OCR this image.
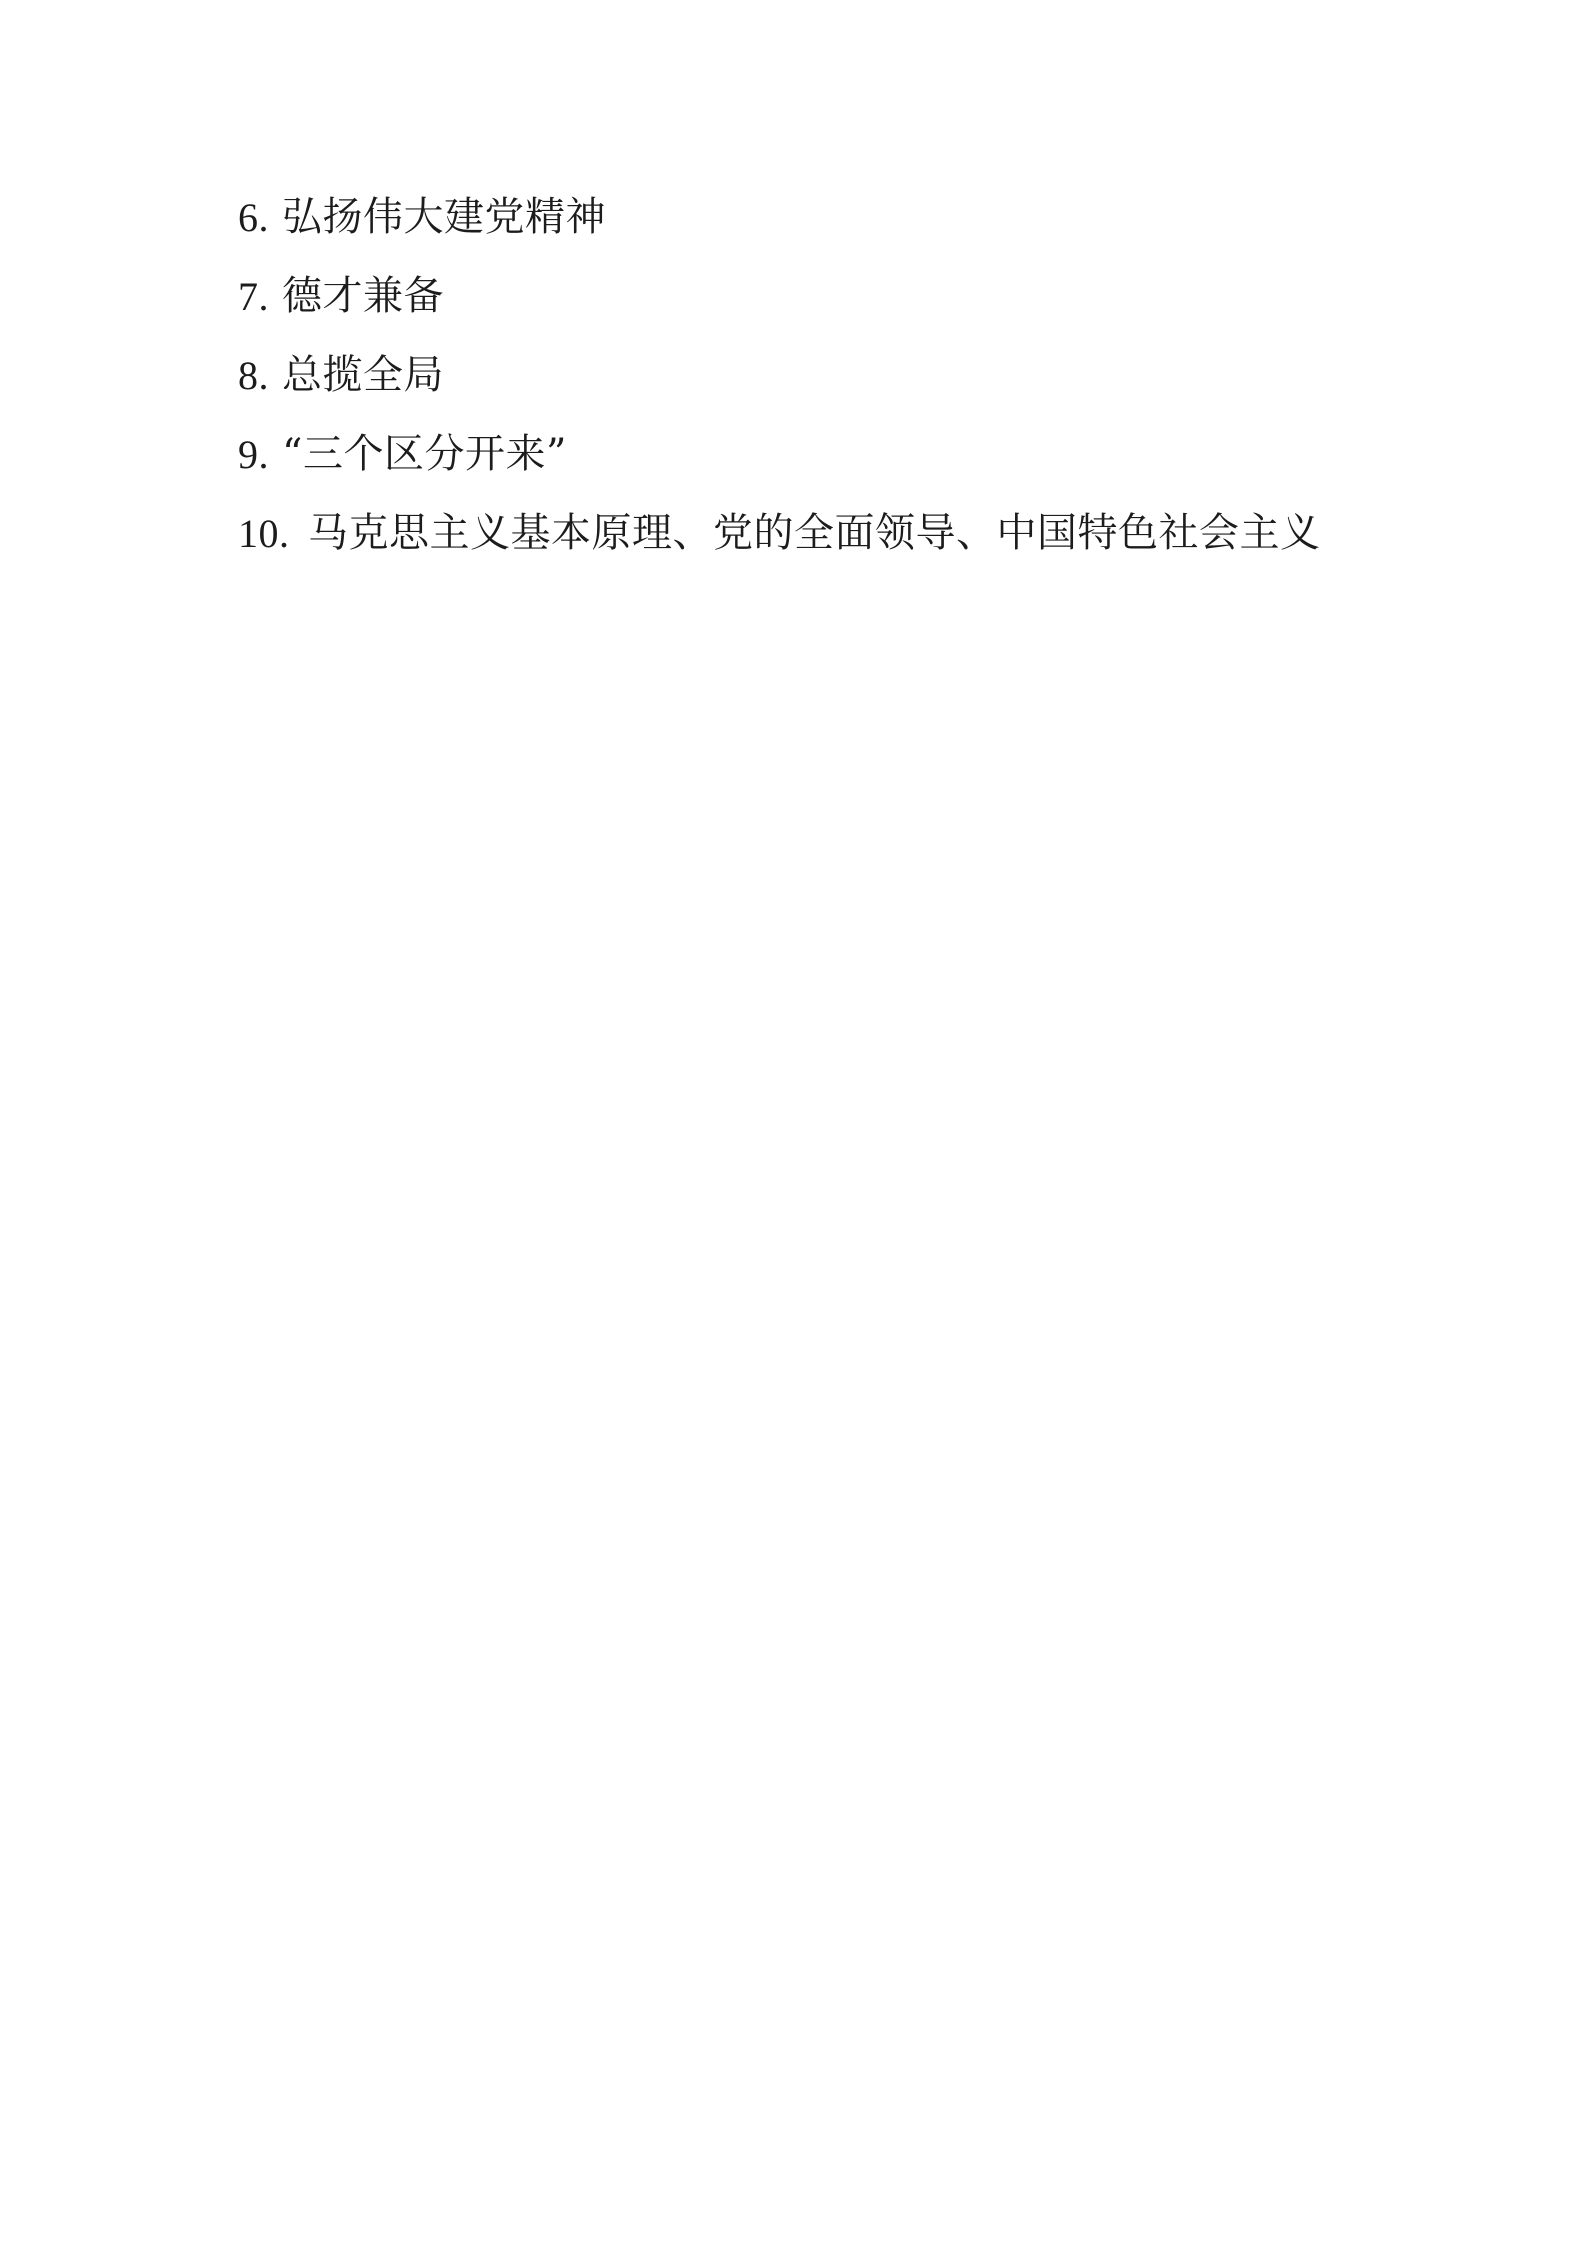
6. 弘扬伟大建党精神
7. 德才兼备
8. 总揽全局
9. “三个区分开来”
10. 马克思主义基本原理、党的全面领导、中国特色社会主义
